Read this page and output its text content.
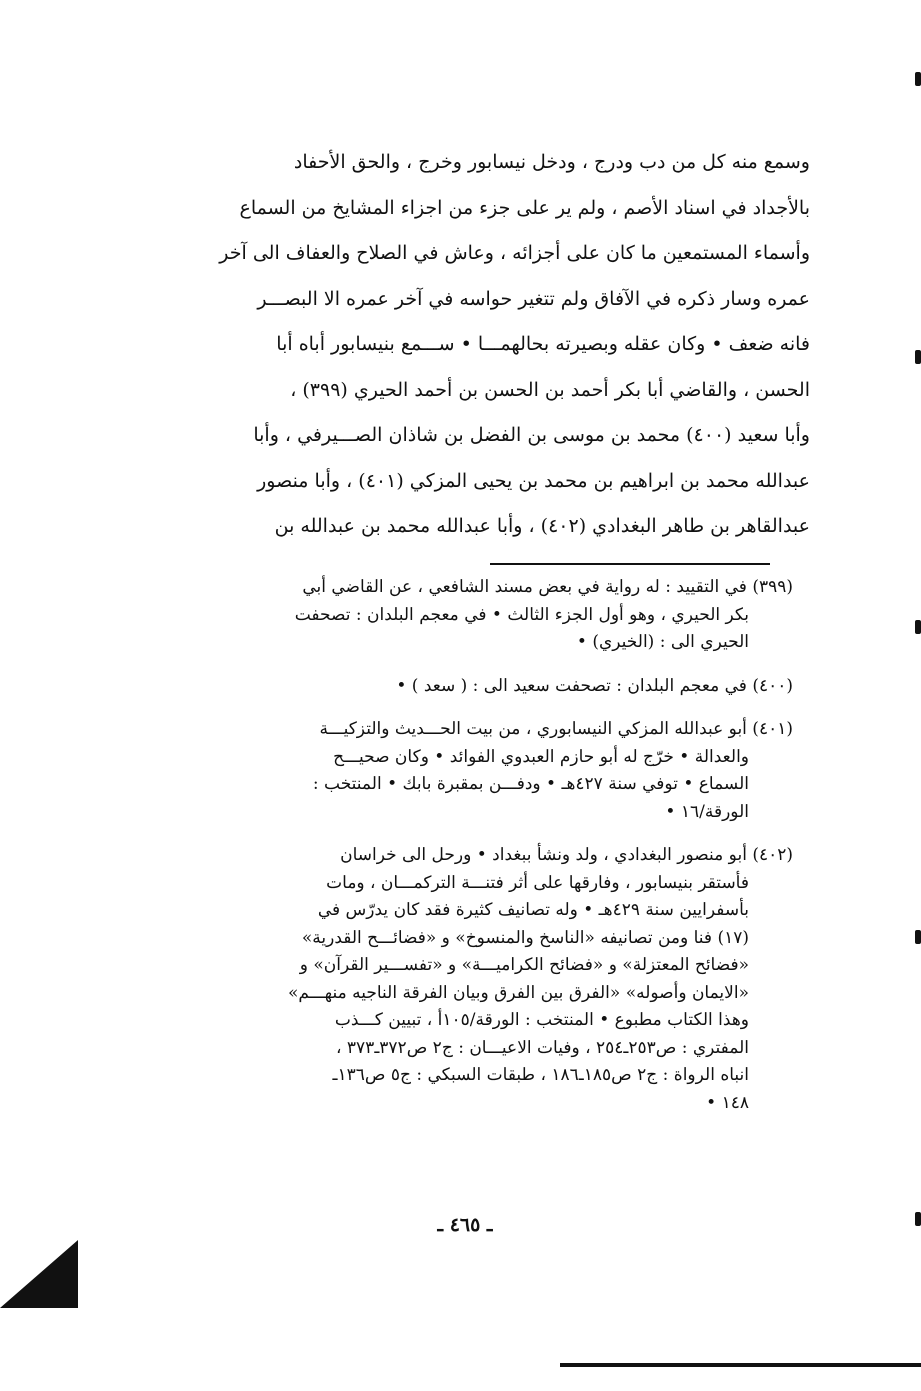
وسمع منه كل من دب ودرج ، ودخل نيسابور وخرج ، والحق الأحفاد
بالأجداد في اسناد الأصم ، ولم ير على جزء من اجزاء المشايخ من السماع
وأسماء المستمعين ما كان على أجزائه ، وعاش في الصلاح والعفاف الى آخر
عمره وسار ذكره في الآفاق ولم تتغير حواسه في آخر عمره الا البصـــر
فانه ضعف • وكان عقله وبصيرته بحالهمـــا • ســـمع بنيسابور أباه أبا
الحسن ، والقاضي أبا بكر أحمد بن الحسن بن أحمد الحيري (٣٩٩) ،
وأبا سعيد (٤٠٠) محمد بن موسى بن الفضل بن شاذان الصـــيرفي ، وأبا
عبدالله محمد بن ابراهيم بن محمد بن يحيى المزكي (٤٠١) ، وأبا منصور
عبدالقاهر بن طاهر البغدادي (٤٠٢) ، وأبا عبدالله محمد بن عبدالله بن
(٣٩٩) في التقييد : له رواية في بعض مسند الشافعي ، عن القاضي أبي
بكر الحيري ، وهو أول الجزء الثالث • في معجم البلدان : تصحفت
الحيري الى : (الخيري) •
(٤٠٠) في معجم البلدان : تصحفت سعيد الى : ( سعد ) •
(٤٠١) أبو عبدالله المزكي النيسابوري ، من بيت الحـــديث والتزكيـــة
والعدالة • خرّج له أبو حازم العبدوي الفوائد • وكان صحيـــح
السماع • توفي سنة ٤٢٧هـ • ودفـــن بمقبرة بابك • المنتخب :
الورقة/١٦ •
(٤٠٢) أبو منصور البغدادي ، ولد ونشأ ببغداد • ورحل الى خراسان
فأستقر بنيسابور ، وفارقها على أثر فتنـــة التركمـــان ، ومات
بأسفرايين سنة ٤٢٩هـ • وله تصانيف كثيرة فقد كان يدرّس في
(١٧) فنا ومن تصانيفه «الناسخ والمنسوخ» و «فضائـــح القدرية»
«فضائح المعتزلة» و «فضائح الكراميـــة» و «تفســـير القرآن» و
«الايمان وأصوله» «الفرق بين الفرق وبيان الفرقة الناجيه منهـــم»
وهذا الكتاب مطبوع • المنتخب : الورقة/١٠٥أ ، تبيين كـــذب
المفتري : ص٢٥٣ـ٢٥٤ ، وفيات الاعيـــان : ج٢ ص٣٧٢ـ٣٧٣ ،
انباه الرواة : ج٢ ص١٨٥ـ١٨٦ ، طبقات السبكي : ج٥ ص١٣٦ـ
١٤٨ •
ـ ٤٦٥ ـ
